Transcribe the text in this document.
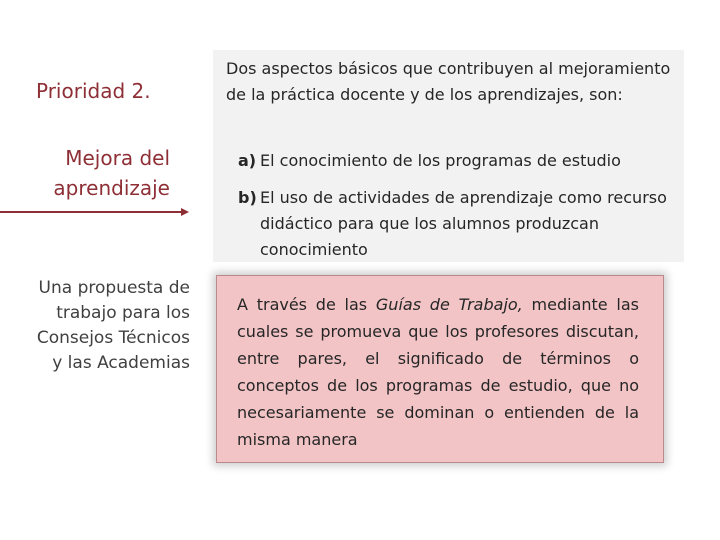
Prioridad 2.
Mejora del aprendizaje
Una propuesta de trabajo para los Consejos Técnicos y las Academias
Dos aspectos básicos que contribuyen al mejoramiento de la práctica docente y de los aprendizajes, son:
a) El conocimiento de los programas de estudio
b) El uso de actividades de aprendizaje como recurso didáctico para que los alumnos produzcan conocimiento
A través de las Guías de Trabajo, mediante las cuales se promueva que los profesores discutan, entre pares, el significado de términos o conceptos de los programas de estudio, que no necesariamente se dominan o entienden de la misma manera
